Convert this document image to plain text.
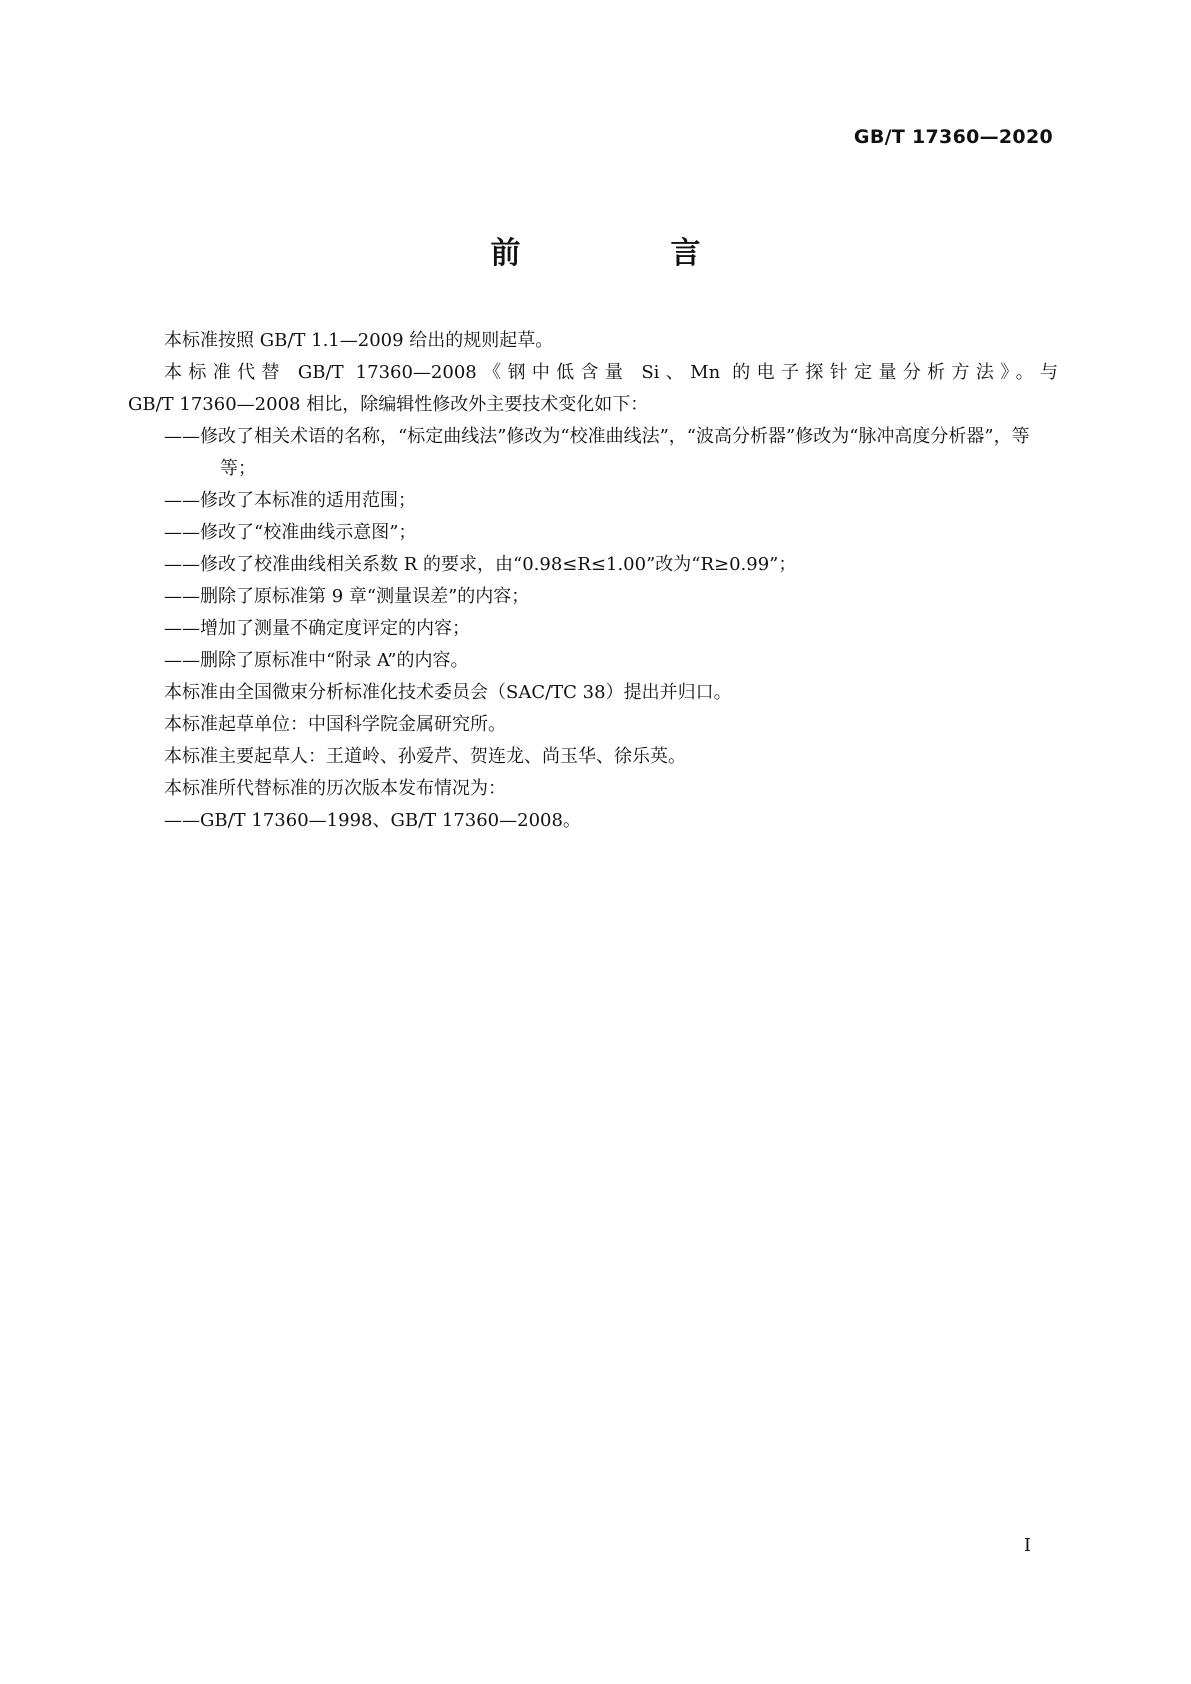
GB/T 17360—2020
前　言

本标准按照 GB/T 1.1—2009 给出的规则起草。

本标准代替 GB/T 17360—2008《钢中低含量 Si、Mn 的电子探针定量分析方法》。与

GB/T 17360—2008 相比，除编辑性修改外主要技术变化如下：

——修改了相关术语的名称，“标定曲线法”修改为“校准曲线法”，“波高分析器”修改为“脉冲高度分析器”，等等；

——修改了本标准的适用范围；

——修改了“校准曲线示意图”；

——修改了校准曲线相关系数 R 的要求，由“0.98≤R≤1.00”改为“R≥0.99”；

——删除了原标准第 9 章“测量误差”的内容；

——增加了测量不确定度评定的内容；

——删除了原标准中“附录 A”的内容。

本标准由全国微束分析标准化技术委员会（SAC/TC 38）提出并归口。

本标准起草单位：中国科学院金属研究所。

本标准主要起草人：王道岭、孙爱芹、贺连龙、尚玉华、徐乐英。

本标准所代替标准的历次版本发布情况为：

——GB/T 17360—1998、GB/T 17360—2008。

I
